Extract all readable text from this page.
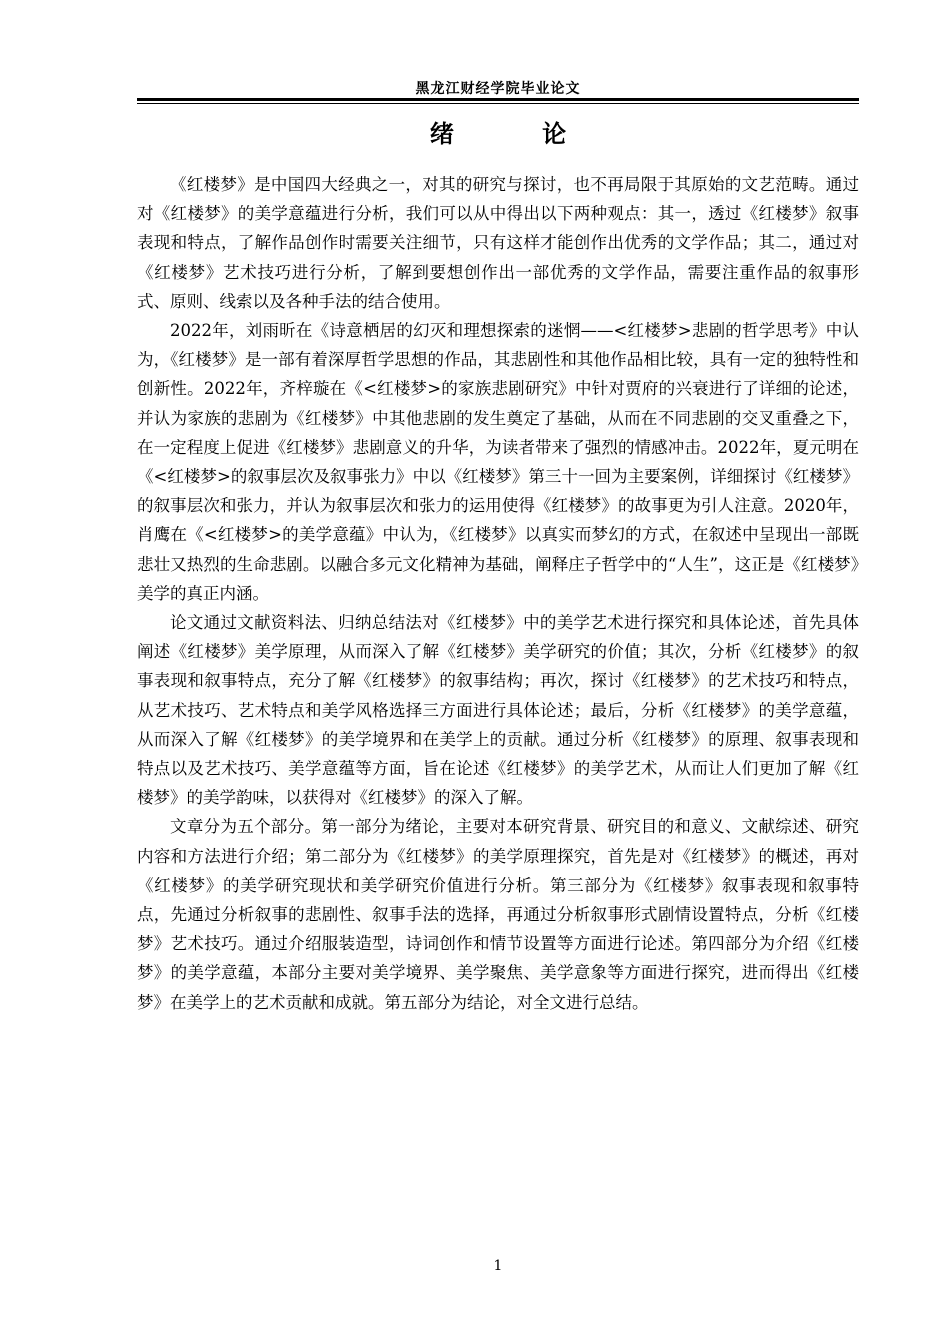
黑龙江财经学院毕业论文
绪 论

《红楼梦》是中国四大经典之一，对其的研究与探讨，也不再局限于其原始的文艺范畴。通过对《红楼梦》的美学意蕴进行分析，我们可以从中得出以下两种观点：其一，透过《红楼梦》叙事表现和特点，了解作品创作时需要关注细节，只有这样才能创作出优秀的文学作品；其二，通过对《红楼梦》艺术技巧进行分析，了解到要想创作出一部优秀的文学作品，需要注重作品的叙事形式、原则、线索以及各种手法的结合使用。

2022年，刘雨昕在《诗意栖居的幻灭和理想探索的迷惘——<红楼梦>悲剧的哲学思考》中认为，《红楼梦》是一部有着深厚哲学思想的作品，其悲剧性和其他作品相比较，具有一定的独特性和创新性。2022年，齐梓璇在《<红楼梦>的家族悲剧研究》中针对贾府的兴衰进行了详细的论述，并认为家族的悲剧为《红楼梦》中其他悲剧的发生奠定了基础，从而在不同悲剧的交叉重叠之下，在一定程度上促进《红楼梦》悲剧意义的升华，为读者带来了强烈的情感冲击。2022年，夏元明在《<红楼梦>的叙事层次及叙事张力》中以《红楼梦》第三十一回为主要案例，详细探讨《红楼梦》的叙事层次和张力，并认为叙事层次和张力的运用使得《红楼梦》的故事更为引人注意。2020年，肖鹰在《<红楼梦>的美学意蕴》中认为，《红楼梦》以真实而梦幻的方式，在叙述中呈现出一部既悲壮又热烈的生命悲剧。以融合多元文化精神为基础，阐释庄子哲学中的“人生”，这正是《红楼梦》美学的真正内涵。

论文通过文献资料法、归纳总结法对《红楼梦》中的美学艺术进行探究和具体论述，首先具体阐述《红楼梦》美学原理，从而深入了解《红楼梦》美学研究的价值；其次，分析《红楼梦》的叙事表现和叙事特点，充分了解《红楼梦》的叙事结构；再次，探讨《红楼梦》的艺术技巧和特点，从艺术技巧、艺术特点和美学风格选择三方面进行具体论述；最后，分析《红楼梦》的美学意蕴，从而深入了解《红楼梦》的美学境界和在美学上的贡献。通过分析《红楼梦》的原理、叙事表现和特点以及艺术技巧、美学意蕴等方面，旨在论述《红楼梦》的美学艺术，从而让人们更加了解《红楼梦》的美学韵味，以获得对《红楼梦》的深入了解。

文章分为五个部分。第一部分为绪论，主要对本研究背景、研究目的和意义、文献综述、研究内容和方法进行介绍；第二部分为《红楼梦》的美学原理探究，首先是对《红楼梦》的概述，再对《红楼梦》的美学研究现状和美学研究价值进行分析。第三部分为《红楼梦》叙事表现和叙事特点，先通过分析叙事的悲剧性、叙事手法的选择，再通过分析叙事形式剧情设置特点，分析《红楼梦》艺术技巧。通过介绍服装造型，诗词创作和情节设置等方面进行论述。第四部分为介绍《红楼梦》的美学意蕴，本部分主要对美学境界、美学聚焦、美学意象等方面进行探究，进而得出《红楼梦》在美学上的艺术贡献和成就。第五部分为结论，对全文进行总结。

1
